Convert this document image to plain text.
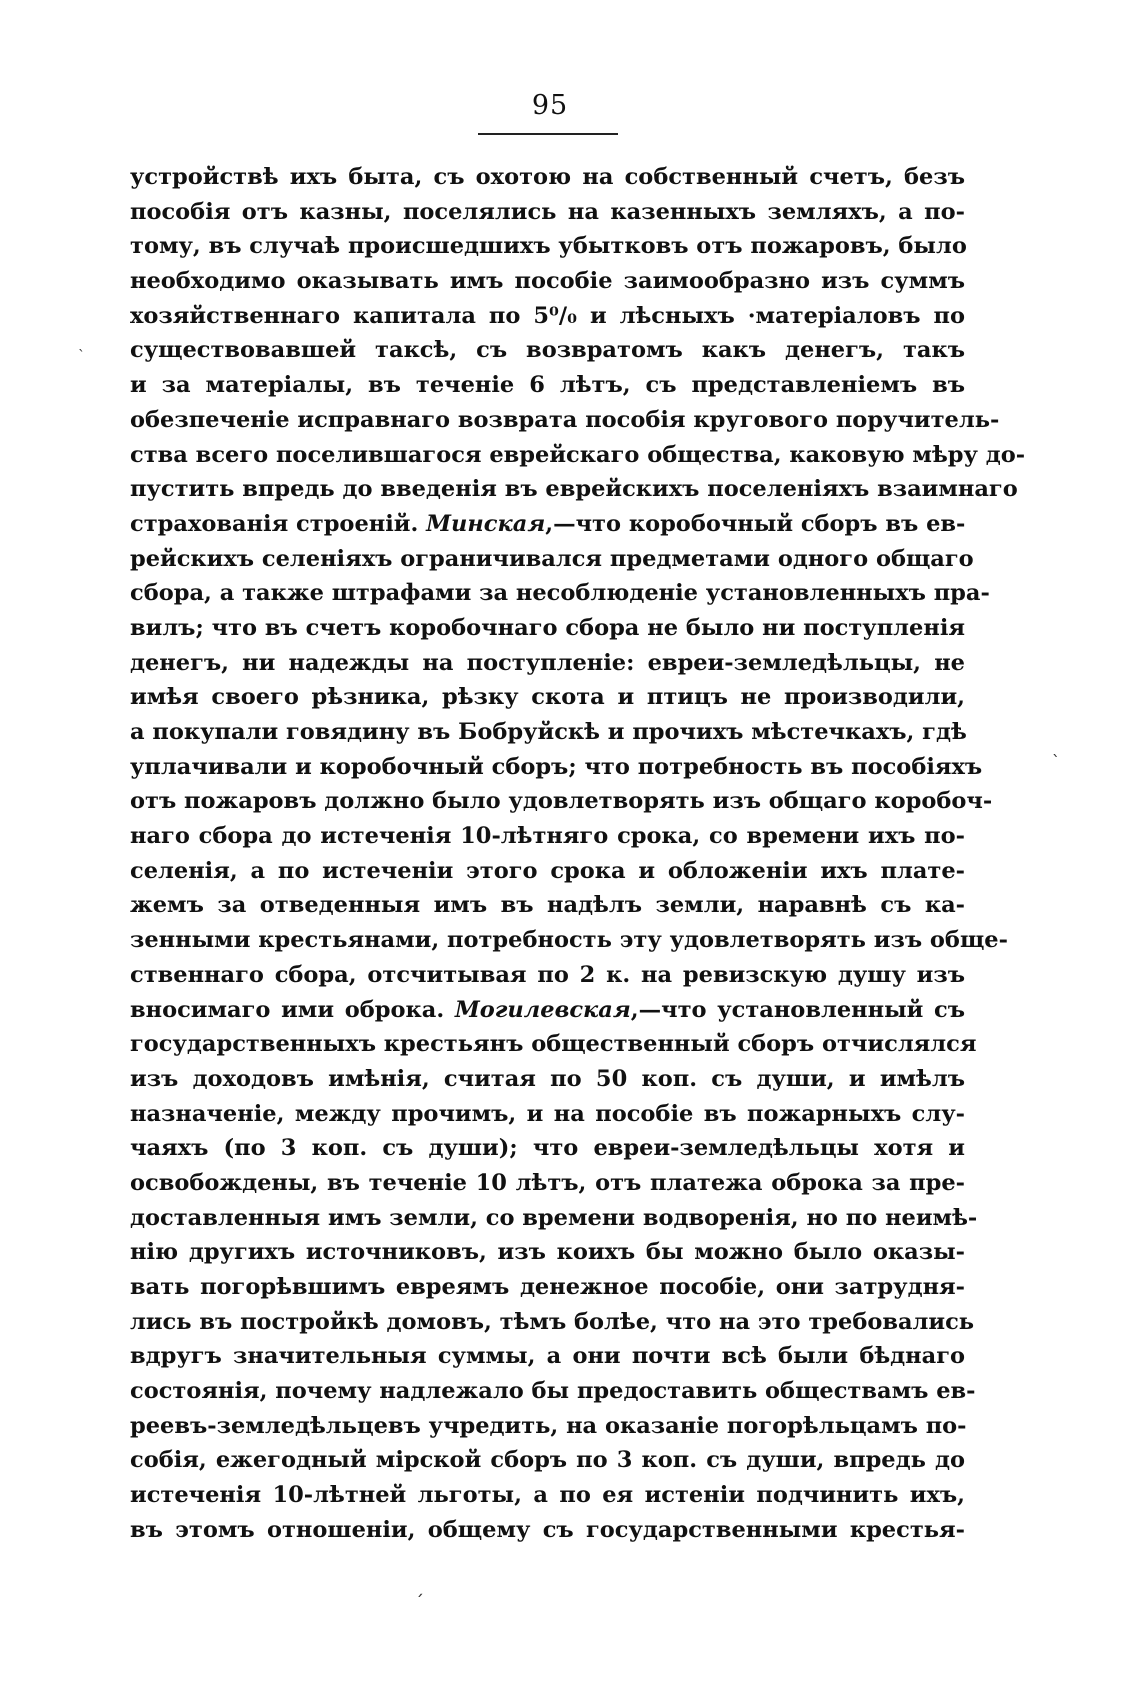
95
устройствѣ ихъ быта, съ охотою на собственный счетъ, безъ
пособія отъ казны, поселялись на казенныхъ земляхъ, а по-
тому, въ случаѣ происшедшихъ убытковъ отъ пожаровъ, было
необходимо оказывать имъ пособіе заимообразно изъ суммъ
хозяйственнаго капитала по 5⁰/₀ и лѣсныхъ ·матеріаловъ по
существовавшей таксѣ, съ возвратомъ какъ денегъ, такъ
и за матеріалы, въ теченіе 6 лѣтъ, съ представленіемъ въ
обезпеченіе исправнаго возврата пособія кругового поручитель-
ства всего поселившагося еврейскаго общества, каковую мѣру до-
пустить впредь до введенія въ еврейскихъ поселеніяхъ взаимнаго
страхованія строеній. Минская,—что коробочный сборъ въ ев-
рейскихъ селеніяхъ ограничивался предметами одного общаго
сбора, а также штрафами за несоблюденіе установленныхъ пра-
вилъ; что въ счетъ коробочнаго сбора не было ни поступленія
денегъ, ни надежды на поступленіе: евреи-земледѣльцы, не
имѣя своего рѣзника, рѣзку скота и птицъ не производили,
а покупали говядину въ Бобруйскѣ и прочихъ мѣстечкахъ, гдѣ
уплачивали и коробочный сборъ; что потребность въ пособіяхъ
отъ пожаровъ должно было удовлетворять изъ общаго коробоч-
наго сбора до истеченія 10-лѣтняго срока, со времени ихъ по-
селенія, а по истеченіи этого срока и обложеніи ихъ плате-
жемъ за отведенныя имъ въ надѣлъ земли, наравнѣ съ ка-
зенными крестьянами, потребность эту удовлетворять изъ обще-
ственнаго сбора, отсчитывая по 2 к. на ревизскую душу изъ
вносимаго ими оброка. Могилевская,—что установленный съ
государственныхъ крестьянъ общественный сборъ отчислялся
изъ доходовъ имѣнія, считая по 50 коп. съ души, и имѣлъ
назначеніе, между прочимъ, и на пособіе въ пожарныхъ слу-
чаяхъ (по 3 коп. съ души); что евреи-земледѣльцы хотя и
освобождены, въ теченіе 10 лѣтъ, отъ платежа оброка за пре-
доставленныя имъ земли, со времени водворенія, но по неимѣ-
нію другихъ источниковъ, изъ коихъ бы можно было оказы-
вать погорѣвшимъ евреямъ денежное пособіе, они затрудня-
лись въ постройкѣ домовъ, тѣмъ болѣе, что на это требовались
вдругъ значительныя суммы, а они почти всѣ были бѣднаго
состоянія, почему надлежало бы предоставить обществамъ ев-
реевъ-земледѣльцевъ учредить, на оказаніе погорѣльцамъ по-
собія, ежегодный мірской сборъ по 3 коп. съ души, впредь до
истеченія 10-лѣтней льготы, а по ея истеніи подчинить ихъ,
въ этомъ отношеніи, общему съ государственными крестья-
ˎ
ˎ
ˏ
